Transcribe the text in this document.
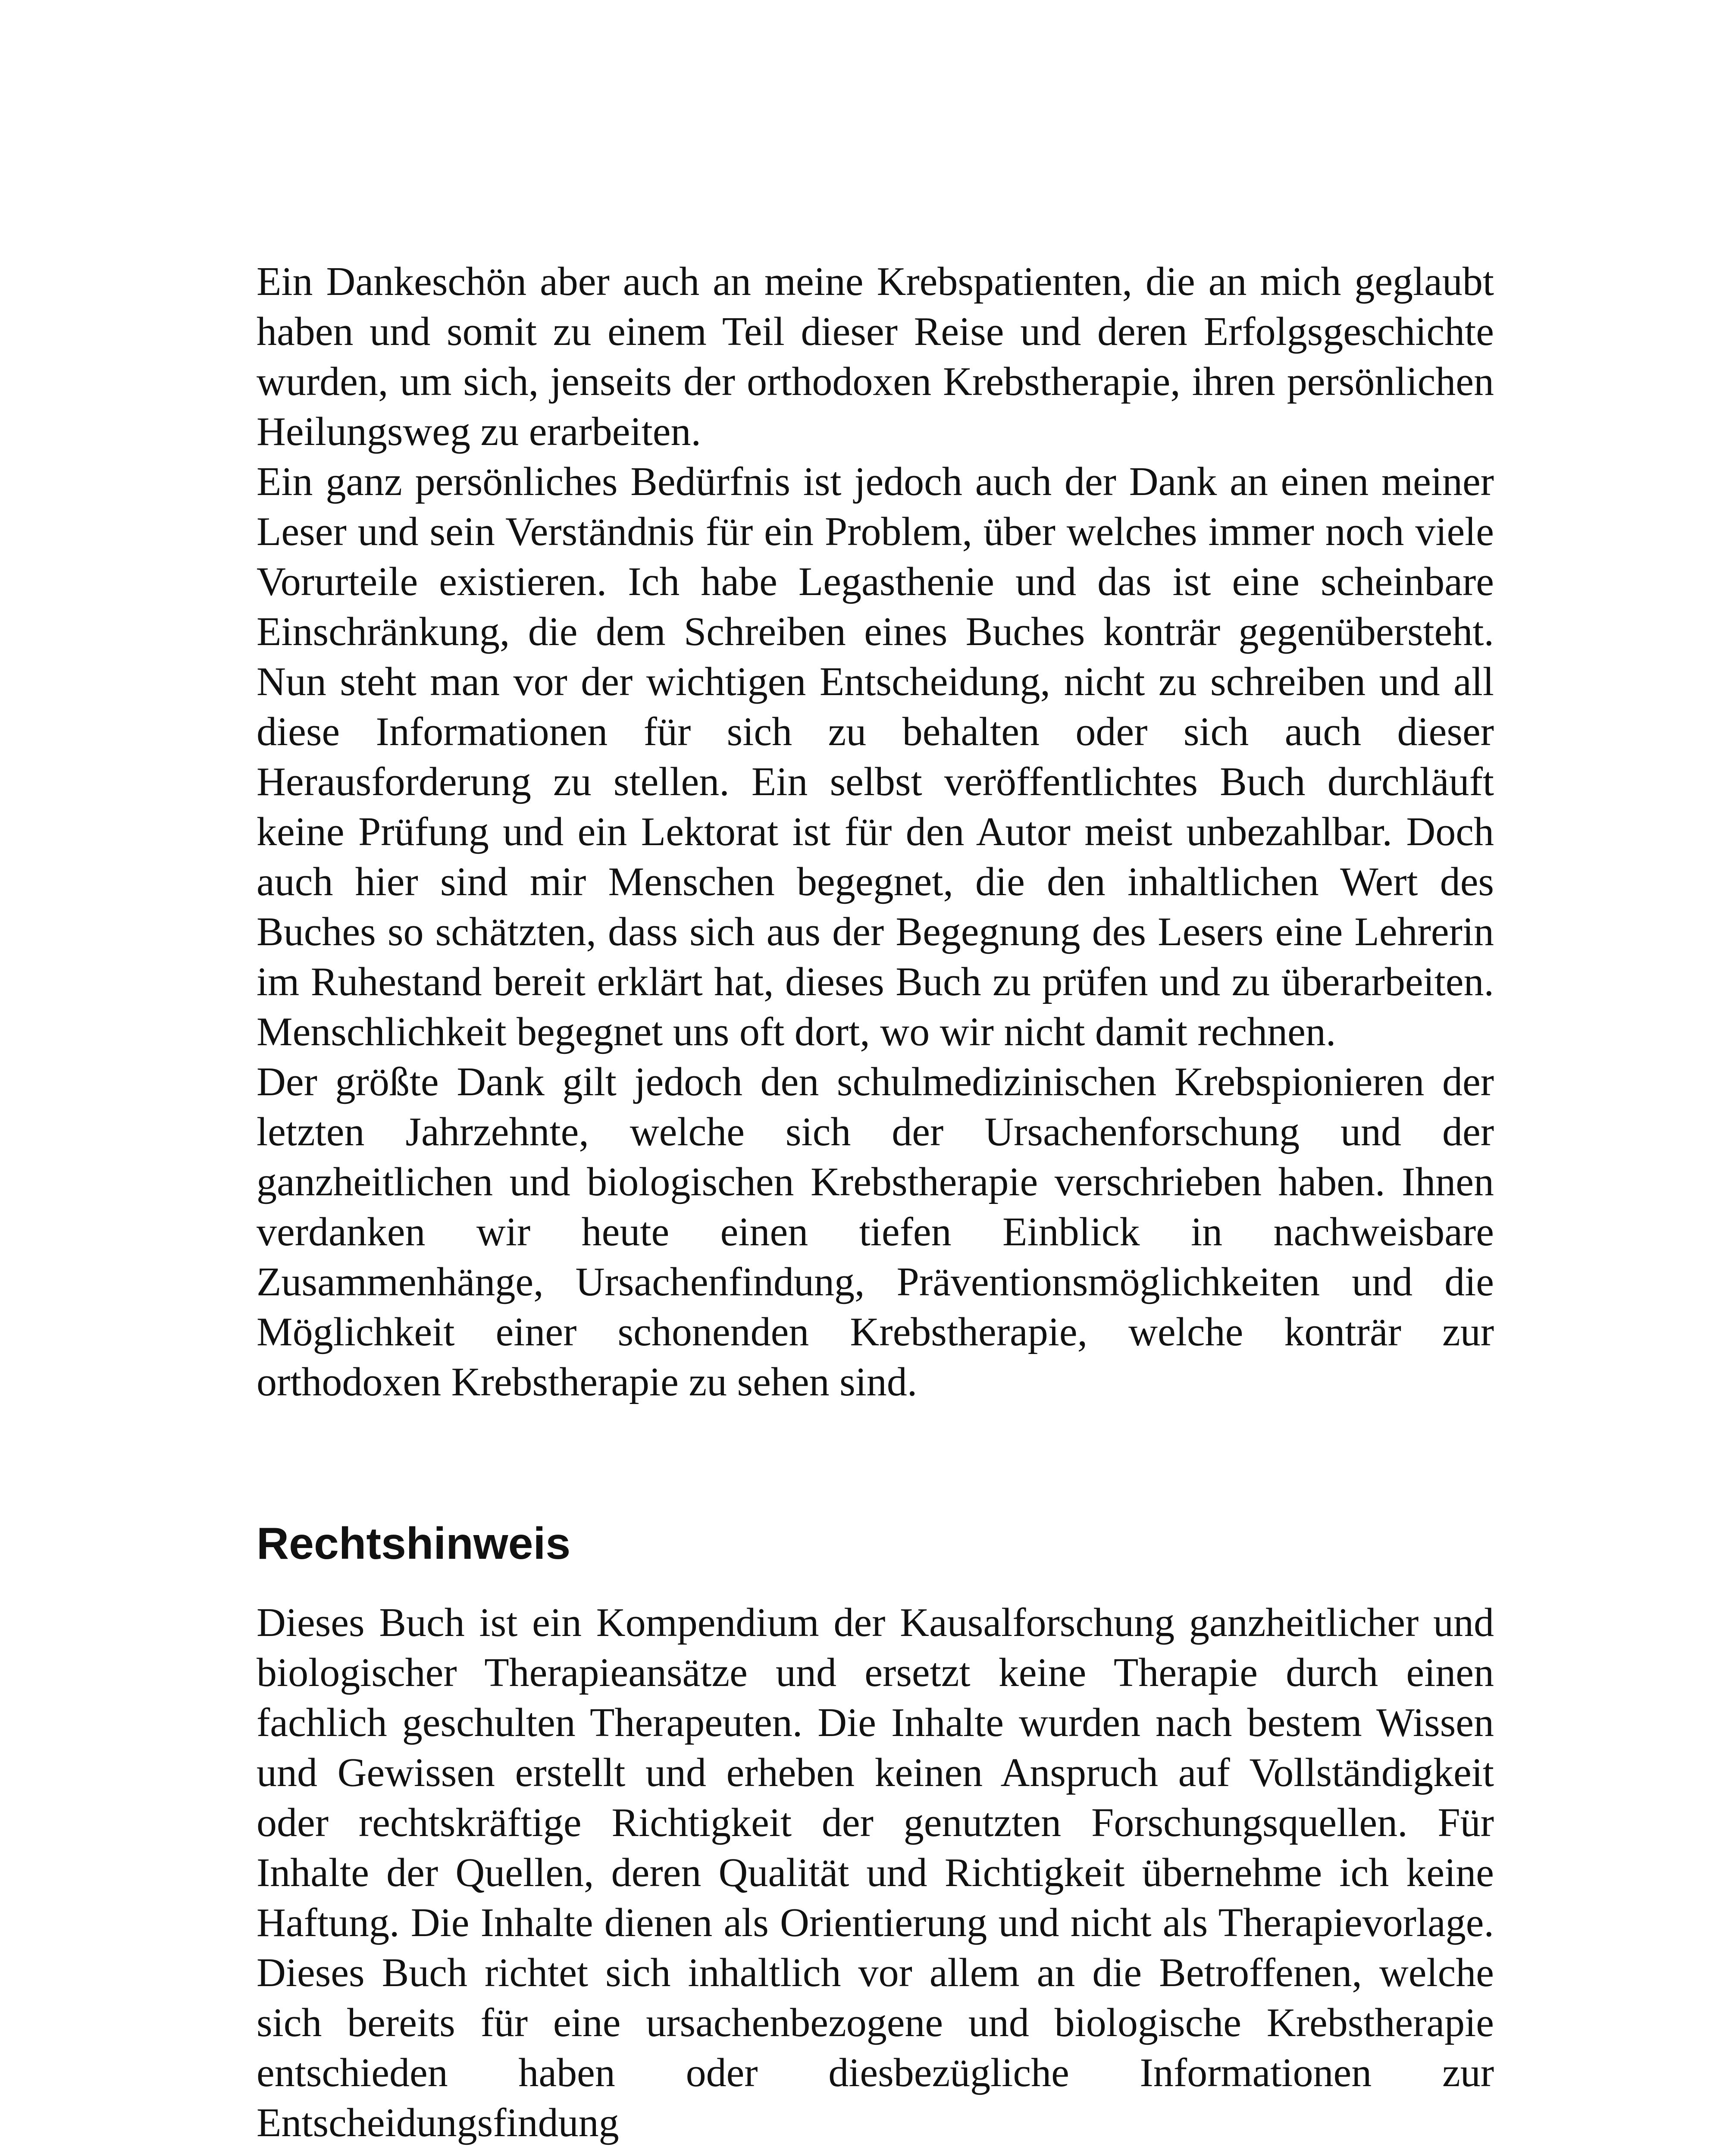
Ein Dankeschön aber auch an meine Krebspatienten, die an mich geglaubt haben und somit zu einem Teil dieser Reise und deren Erfolgsgeschichte wurden, um sich, jenseits der orthodoxen Krebstherapie, ihren persönlichen Heilungsweg zu erarbeiten.

Ein ganz persönliches Bedürfnis ist jedoch auch der Dank an einen meiner Leser und sein Verständnis für ein Problem, über welches immer noch viele Vorurteile existieren. Ich habe Legasthenie und das ist eine scheinbare Einschränkung, die dem Schreiben eines Buches konträr gegenübersteht. Nun steht man vor der wichtigen Entscheidung, nicht zu schreiben und all diese Informationen für sich zu behalten oder sich auch dieser Herausforderung zu stellen. Ein selbst veröffentlichtes Buch durchläuft keine Prüfung und ein Lektorat ist für den Autor meist unbezahlbar. Doch auch hier sind mir Menschen begegnet, die den inhaltlichen Wert des Buches so schätzten, dass sich aus der Begegnung des Lesers eine Lehrerin im Ruhestand bereit erklärt hat, dieses Buch zu prüfen und zu überarbeiten. Menschlichkeit begegnet uns oft dort, wo wir nicht damit rechnen.

Der größte Dank gilt jedoch den schulmedizinischen Krebspionieren der letzten Jahrzehnte, welche sich der Ursachenforschung und der ganzheitlichen und biologischen Krebstherapie verschrieben haben. Ihnen verdanken wir heute einen tiefen Einblick in nachweisbare Zusammenhänge, Ursachenfindung, Präventionsmöglichkeiten und die Möglichkeit einer schonenden Krebstherapie, welche konträr zur orthodoxen Krebstherapie zu sehen sind.

Rechtshinweis

Dieses Buch ist ein Kompendium der Kausalforschung ganzheitlicher und biologischer Therapieansätze und ersetzt keine Therapie durch einen fachlich geschulten Therapeuten. Die Inhalte wurden nach bestem Wissen und Gewissen erstellt und erheben keinen Anspruch auf Vollständigkeit oder rechtskräftige Richtigkeit der genutzten Forschungsquellen. Für Inhalte der Quellen, deren Qualität und Richtigkeit übernehme ich keine Haftung. Die Inhalte dienen als Orientierung und nicht als Therapievorlage. Dieses Buch richtet sich inhaltlich vor allem an die Betroffenen, welche sich bereits für eine ursachenbezogene und biologische Krebstherapie entschieden haben oder diesbezügliche Informationen zur Entscheidungsfindung
